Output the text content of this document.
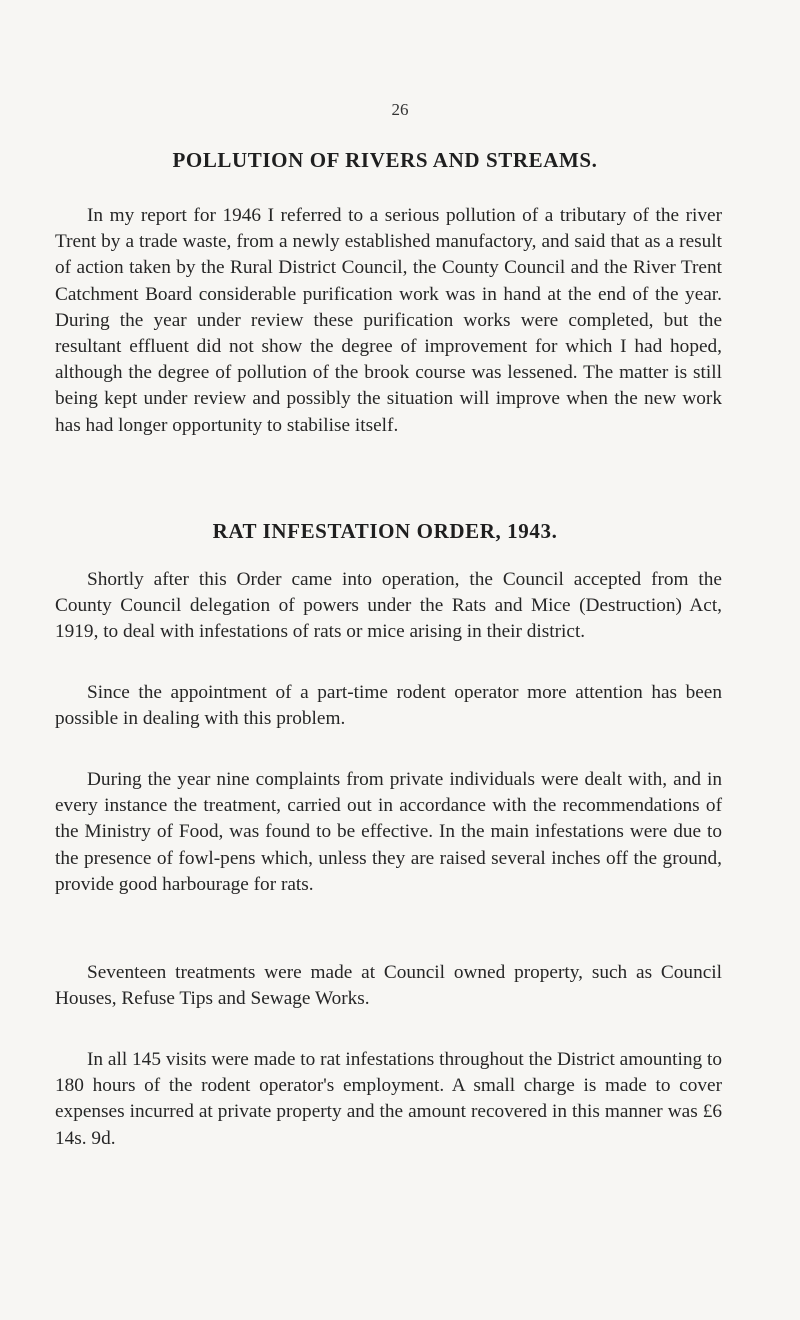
26
POLLUTION OF RIVERS AND STREAMS.

In my report for 1946 I referred to a serious pollution of a tributary of the river Trent by a trade waste, from a newly established manufactory, and said that as a result of action taken by the Rural District Council, the County Council and the River Trent Catchment Board considerable purification work was in hand at the end of the year. During the year under review these purification works were completed, but the resultant effluent did not show the degree of improvement for which I had hoped, although the degree of pollution of the brook course was lessened. The matter is still being kept under review and possibly the situation will improve when the new work has had longer opportunity to stabilise itself.

RAT INFESTATION ORDER, 1943.

Shortly after this Order came into operation, the Council accepted from the County Council delegation of powers under the Rats and Mice (Destruction) Act, 1919, to deal with infestations of rats or mice arising in their district.

Since the appointment of a part-time rodent operator more attention has been possible in dealing with this problem.

During the year nine complaints from private individuals were dealt with, and in every instance the treatment, carried out in accordance with the recommendations of the Ministry of Food, was found to be effective. In the main infestations were due to the presence of fowl-pens which, unless they are raised several inches off the ground, provide good harbourage for rats.

Seventeen treatments were made at Council owned property, such as Council Houses, Refuse Tips and Sewage Works.

In all 145 visits were made to rat infestations throughout the District amounting to 180 hours of the rodent operator's employment. A small charge is made to cover expenses incurred at private property and the amount recovered in this manner was £6 14s. 9d.
